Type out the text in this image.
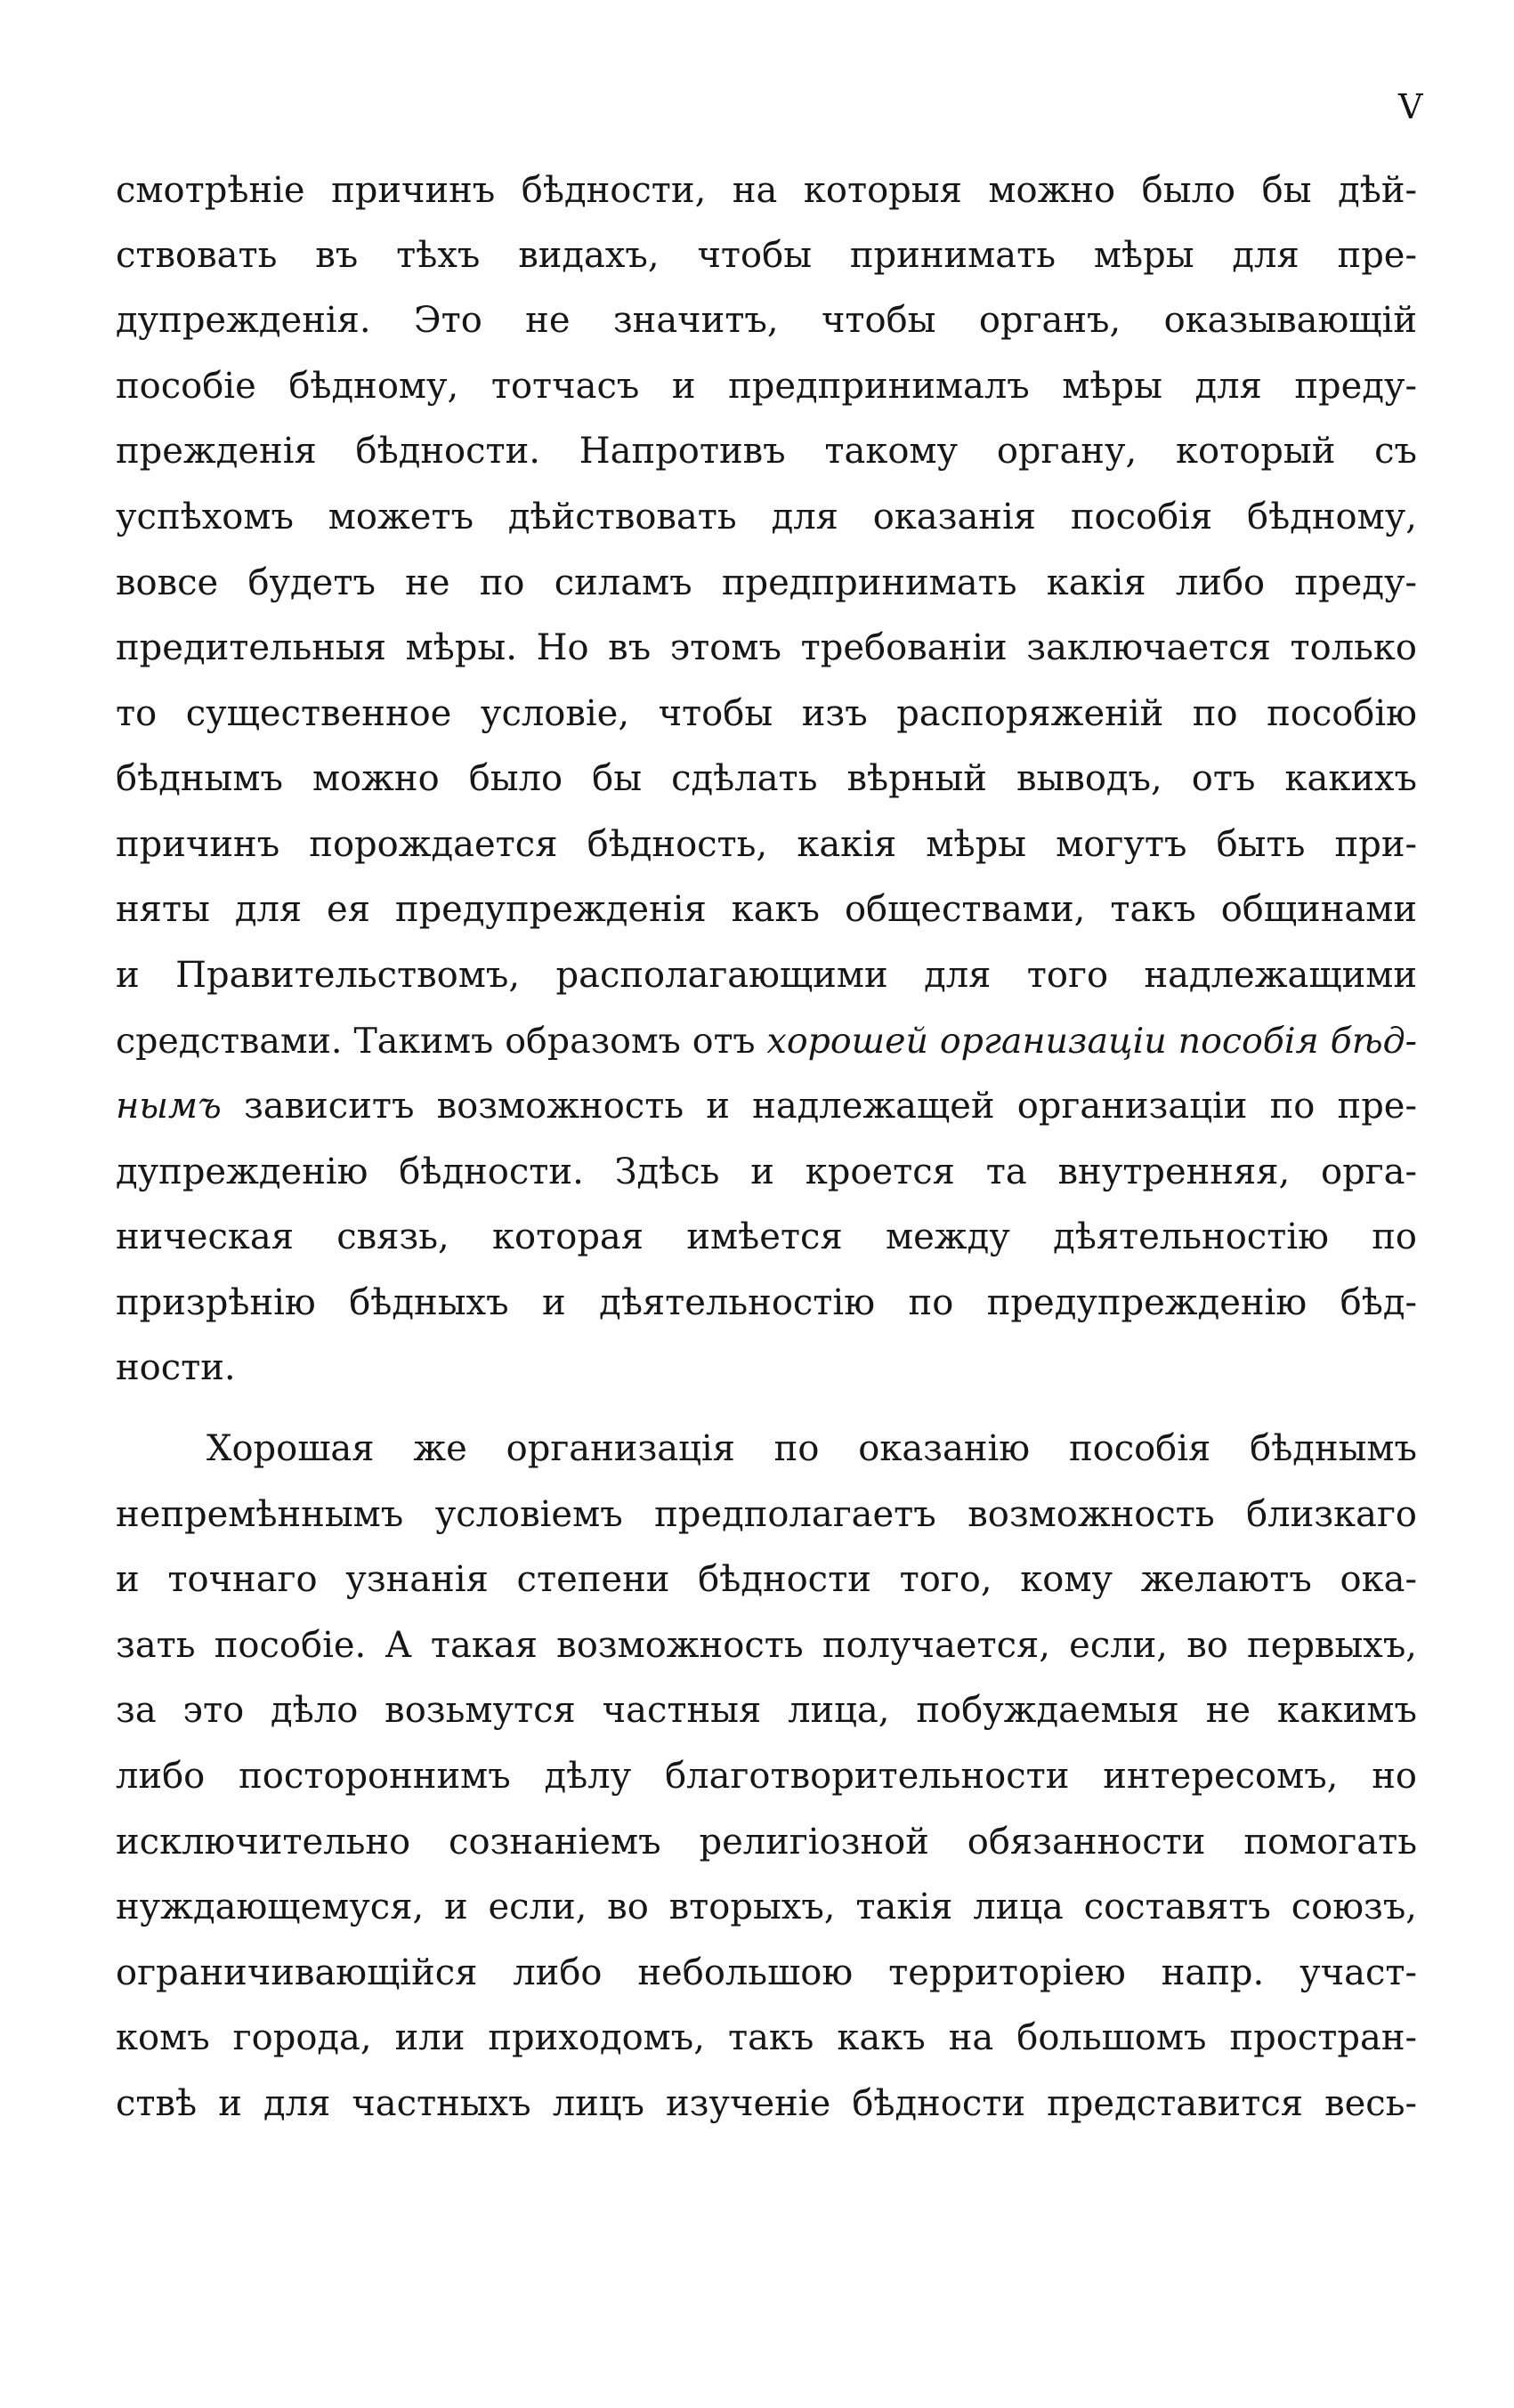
V
смотрѣніе причинъ бѣдности, на которыя можно было бы дѣй-
ствовать въ тѣхъ видахъ, чтобы принимать мѣры для пре-
дупрежденія. Это не значитъ, чтобы органъ, оказывающій
пособіе бѣдному, тотчасъ и предпринималъ мѣры для преду-
прежденія бѣдности. Напротивъ такому органу, который съ
успѣхомъ можетъ дѣйствовать для оказанія пособія бѣдному,
вовсе будетъ не по силамъ предпринимать какія либо преду-
предительныя мѣры. Но въ этомъ требованіи заключается только
то существенное условіе, чтобы изъ распоряженій по пособію
бѣднымъ можно было бы сдѣлать вѣрный выводъ, отъ какихъ
причинъ порождается бѣдность, какія мѣры могутъ быть при-
няты для ея предупрежденія какъ обществами, такъ общинами
и Правительствомъ, располагающими для того надлежащими
средствами. Такимъ образомъ отъ хорошей организаціи пособія бѣд-
нымъ зависитъ возможность и надлежащей организаціи по пре-
дупрежденію бѣдности. Здѣсь и кроется та внутренняя, орга-
ническая связь, которая имѣется между дѣятельностію по
призрѣнію бѣдныхъ и дѣятельностію по предупрежденію бѣд-
ности.
Хорошая же организація по оказанію пособія бѣднымъ
непремѣннымъ условіемъ предполагаетъ возможность близкаго
и точнаго узнанія степени бѣдности того, кому желаютъ ока-
зать пособіе. А такая возможность получается, если, во первыхъ,
за это дѣло возьмутся частныя лица, побуждаемыя не какимъ
либо постороннимъ дѣлу благотворительности интересомъ, но
исключительно сознаніемъ религіозной обязанности помогать
нуждающемуся, и если, во вторыхъ, такія лица составятъ союзъ,
ограничивающійся либо небольшою территоріею напр. участ-
комъ города, или приходомъ, такъ какъ на большомъ простран-
ствѣ и для частныхъ лицъ изученіе бѣдности представится весь-
